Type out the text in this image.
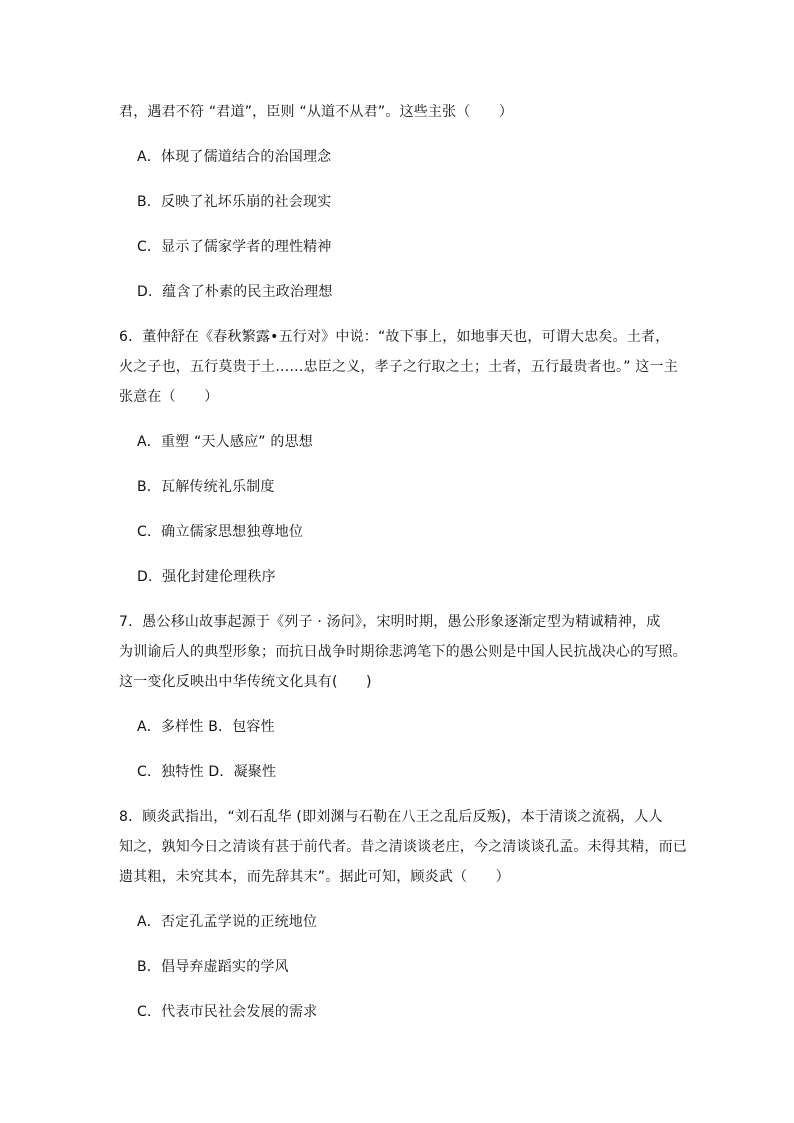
君，遇君不符 “君道”，臣则 “从道不从君”。这些主张（　　）
A．体现了儒道结合的治国理念
B．反映了礼坏乐崩的社会现实
C．显示了儒家学者的理性精神
D．蕴含了朴素的民主政治理想
6．董仲舒在《春秋繁露•五行对》中说：“故下事上，如地事天也，可谓大忠矣。土者，
火之子也，五行莫贵于土……忠臣之义，孝子之行取之土；土者，五行最贵者也。” 这一主
张意在（　　）
A．重塑 “天人感应” 的思想
B．瓦解传统礼乐制度
C．确立儒家思想独尊地位
D．强化封建伦理秩序
7．愚公移山故事起源于《列子 · 汤问》，宋明时期，愚公形象逐渐定型为精诚精神，成
为训谕后人的典型形象；而抗日战争时期徐悲鸿笔下的愚公则是中国人民抗战决心的写照。
这一变化反映出中华传统文化具有(　　)
A．多样性 B．包容性
C．独特性 D．凝聚性
8．顾炎武指出，“刘石乱华 (即刘渊与石勒在八王之乱后反叛)，本于清谈之流祸，人人
知之，孰知今日之清谈有甚于前代者。昔之清谈谈老庄，今之清谈谈孔孟。未得其精，而已
遗其粗，未究其本，而先辞其末”。据此可知，顾炎武（　　）
A．否定孔孟学说的正统地位
B．倡导弃虚蹈实的学风
C．代表市民社会发展的需求
